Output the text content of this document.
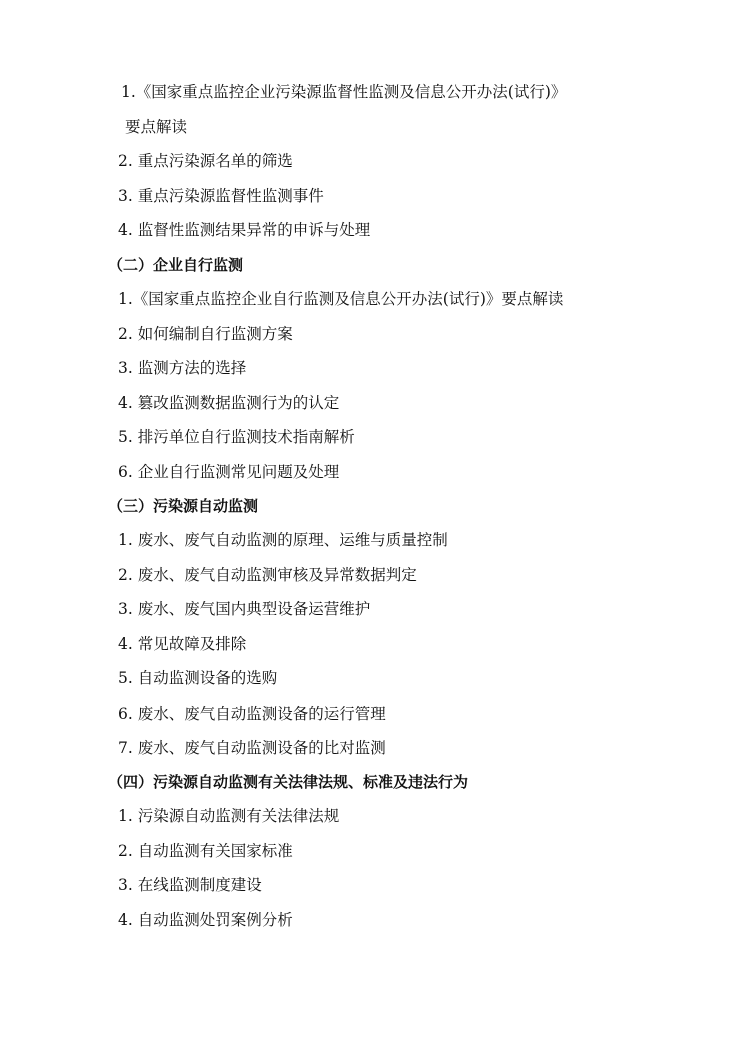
1.《国家重点监控企业污染源监督性监测及信息公开办法(试行)》
要点解读
2. 重点污染源名单的筛选
3. 重点污染源监督性监测事件
4. 监督性监测结果异常的申诉与处理
（二）企业自行监测
1.《国家重点监控企业自行监测及信息公开办法(试行)》要点解读
2. 如何编制自行监测方案
3. 监测方法的选择
4. 篡改监测数据监测行为的认定
5. 排污单位自行监测技术指南解析
6. 企业自行监测常见问题及处理
（三）污染源自动监测
1. 废水、废气自动监测的原理、运维与质量控制
2. 废水、废气自动监测审核及异常数据判定
3. 废水、废气国内典型设备运营维护
4. 常见故障及排除
5. 自动监测设备的选购
6. 废水、废气自动监测设备的运行管理
7. 废水、废气自动监测设备的比对监测
（四）污染源自动监测有关法律法规、标准及违法行为
1. 污染源自动监测有关法律法规
2. 自动监测有关国家标准
3. 在线监测制度建设
4. 自动监测处罚案例分析
